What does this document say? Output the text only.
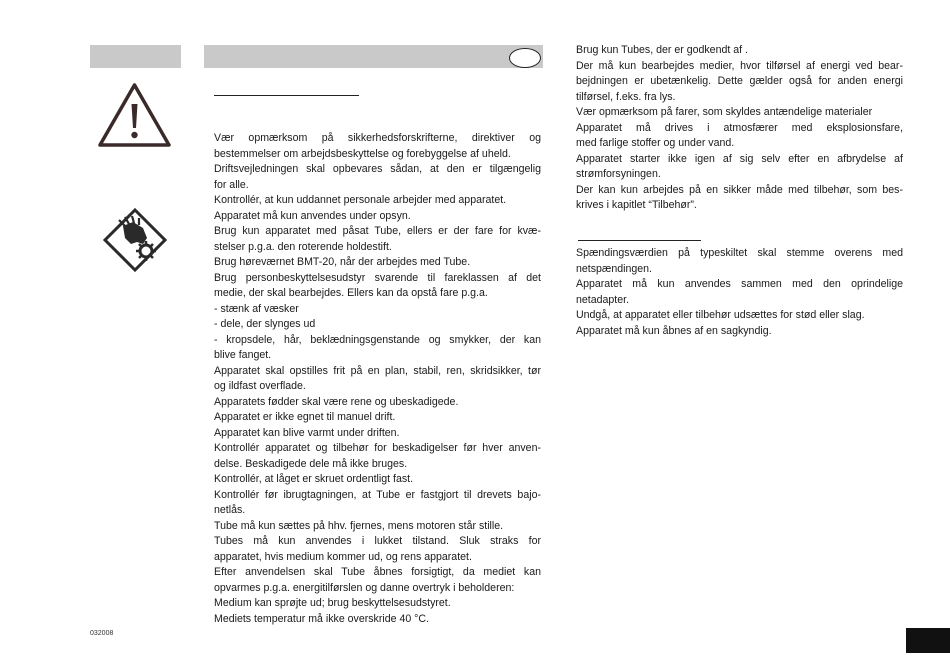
Vær opmærksom på sikkerhedsforskrifterne, direktiver og
bestemmelser om arbejdsbeskyttelse og forebyggelse af uheld.
Driftsvejledningen skal opbevares sådan, at den er tilgængelig
for alle.
Kontrollér, at kun uddannet personale arbejder med apparatet.
Apparatet må kun anvendes under opsyn.
Brug kun apparatet med påsat Tube, ellers er der fare for kvæ-
stelser p.g.a. den roterende holdestift.
Brug høreværnet BMT-20, når der arbejdes med Tube.
Brug personbeskyttelsesudstyr svarende til fareklassen af det
medie, der skal bearbejdes. Ellers kan da opstå fare p.g.a.
- stænk af væsker
- dele, der slynges ud
- kropsdele, hår, beklædningsgenstande og smykker, der kan
blive fanget.
Apparatet skal opstilles frit på en plan, stabil, ren, skridsikker, tør
og ildfast overflade.
Apparatets fødder skal være rene og ubeskadigede.
Apparatet er ikke egnet til manuel drift.
Apparatet kan blive varmt under driften.
Kontrollér apparatet og tilbehør for beskadigelser før hver anven-
delse. Beskadigede dele må ikke bruges.
Kontrollér, at låget er skruet ordentligt fast.
Kontrollér før ibrugtagningen, at Tube er fastgjort til drevets bajo-
netlås.
Tube må kun sættes på hhv. fjernes, mens motoren står stille.
Tubes må kun anvendes i lukket tilstand. Sluk straks for
apparatet, hvis medium kommer ud, og rens apparatet.
Efter anvendelsen skal Tube åbnes forsigtigt, da mediet kan
opvarmes p.g.a. energitilførslen og danne overtryk i beholderen:
Medium kan sprøjte ud; brug beskyttelsesudstyret.
Mediets temperatur må ikke overskride 40 °C.
Brug kun Tubes, der er godkendt af .
Der må kun bearbejdes medier, hvor tilførsel af energi ved bear-
bejdningen er ubetænkelig. Dette gælder også for anden energi
tilførsel, f.eks. fra lys.
Vær opmærksom på farer, som skyldes antændelige materialer
Apparatet må drives i atmosfærer med eksplosionsfare,
med farlige stoffer og under vand.
Apparatet starter ikke igen af sig selv efter en afbrydelse af
strømforsyningen.
Der kan kun arbejdes på en sikker måde med tilbehør, som bes-
krives i kapitlet “Tilbehør”.
Spændingsværdien på typeskiltet skal stemme overens med
netspændingen.
Apparatet må kun anvendes sammen med den oprindelige
netadapter.
Undgå, at apparatet eller tilbehør udsættes for stød eller slag.
Apparatet må kun åbnes af en sagkyndig.
032008
